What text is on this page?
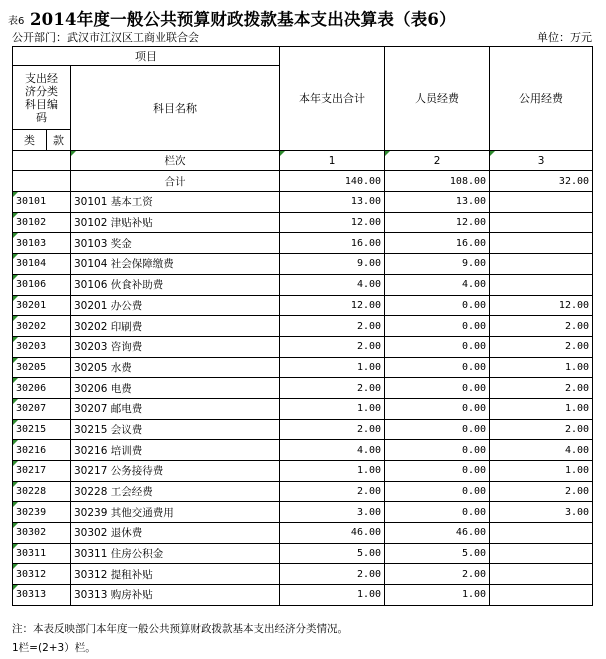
表6 2014年度一般公共预算财政拨款基本支出决算表（表6）
公开部门：武汉市江汉区工商业联合会	单位：万元
项目			本年支出合计	人员经费	公用经费

支出经
济分类
科目编
码		科目名称			
类	款				

		栏次	1	2	3
		合计	140.00	108.00	32.00
30101		30101 基本工资	13.00	13.00	
30102		30102 津贴补贴	12.00	12.00	
30103		30103 奖金	16.00	16.00	
30104		30104 社会保障缴费	9.00	9.00	
30106		30106 伙食补助费	4.00	4.00	
30201		30201 办公费	12.00	0.00	12.00
30202		30202 印刷费	2.00	0.00	2.00
30203		30203 咨询费	2.00	0.00	2.00
30205		30205 水费	1.00	0.00	1.00
30206		30206 电费	2.00	0.00	2.00
30207		30207 邮电费	1.00	0.00	1.00
30215		30215 会议费	2.00	0.00	2.00
30216		30216 培训费	4.00	0.00	4.00
30217		30217 公务接待费	1.00	0.00	1.00
30228		30228 工会经费	2.00	0.00	2.00
30239		30239 其他交通费用	3.00	0.00	3.00
30302		30302 退休费	46.00	46.00	
30311		30311 住房公积金	5.00	5.00	
30312		30312 提租补贴	2.00	2.00	
30313		30313 购房补贴	1.00	1.00	
注：本表反映部门本年度一般公共预算财政拨款基本支出经济分类情况。
1栏=(2+3）栏。
